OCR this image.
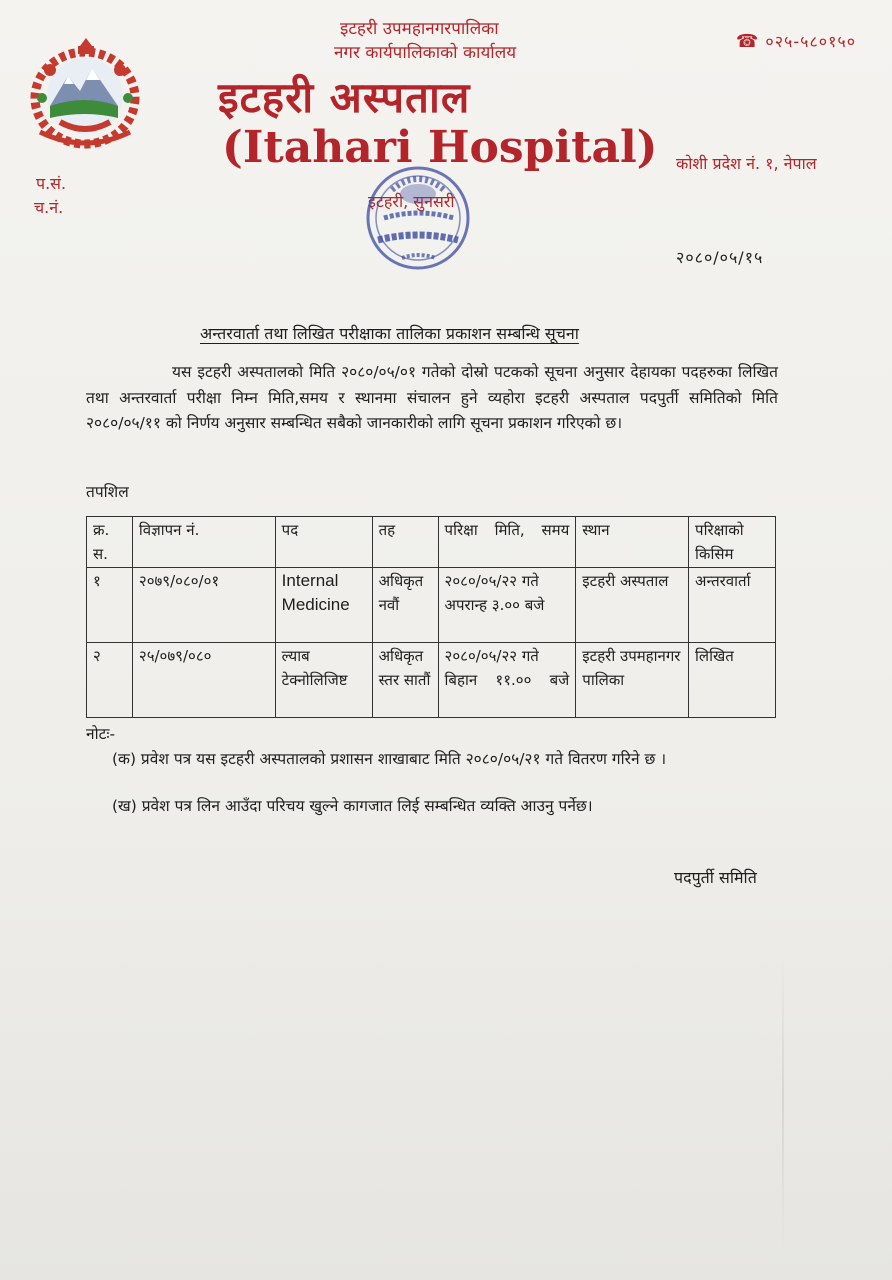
इटहरी उपमहानगरपालिका
नगर कार्यपालिकाको कार्यालय
☎ ०२५-५८०१५०
इटहरी अस्पताल
(Itahari Hospital) कोशी प्रदेश नं. १, नेपाल
इटहरी, सुनसरी
प.सं.
च.नं.
२०८०/०५/१५
अन्तरवार्ता तथा लिखित परीक्षाका तालिका प्रकाशन सम्बन्धि सूचना
यस इटहरी अस्पतालको मिति २०८०/०५/०१ गतेको दोस्रो पटकको सूचना अनुसार देहायका पदहरुका लिखित तथा अन्तरवार्ता परीक्षा निम्न मिति,समय र स्थानमा संचालन हुने व्यहोरा इटहरी अस्पताल पदपुर्ती समितिको मिति २०८०/०५/११ को निर्णय अनुसार सम्बन्धित सबैको जानकारीको लागि सूचना प्रकाशन गरिएको छ।
तपशिल
क्र. स.	विज्ञापन नं.	पद	तह	परिक्षा मिति, समय	स्थान	परिक्षाको किसिम
१	२०७९/०८०/०१	Internal Medicine	अधिकृत नवौं	२०८०/०५/२२ गते अपरान्ह ३.०० बजे	इटहरी अस्पताल	अन्तरवार्ता
२	२५/०७९/०८०	ल्याब टेक्नोलिजिष्ट	अधिकृत स्तर सातौं	२०८०/०५/२२ गते बिहान ११.०० बजे	इटहरी उपमहानगरपालिका	लिखित
नोटः-
(क) प्रवेश पत्र यस इटहरी अस्पतालको प्रशासन शाखाबाट मिति २०८०/०५/२१ गते वितरण गरिने छ ।
(ख) प्रवेश पत्र लिन आउँदा परिचय खुल्ने कागजात लिई सम्बन्धित व्यक्ति आउनु पर्नेछ।
पदपुर्ती समिति
